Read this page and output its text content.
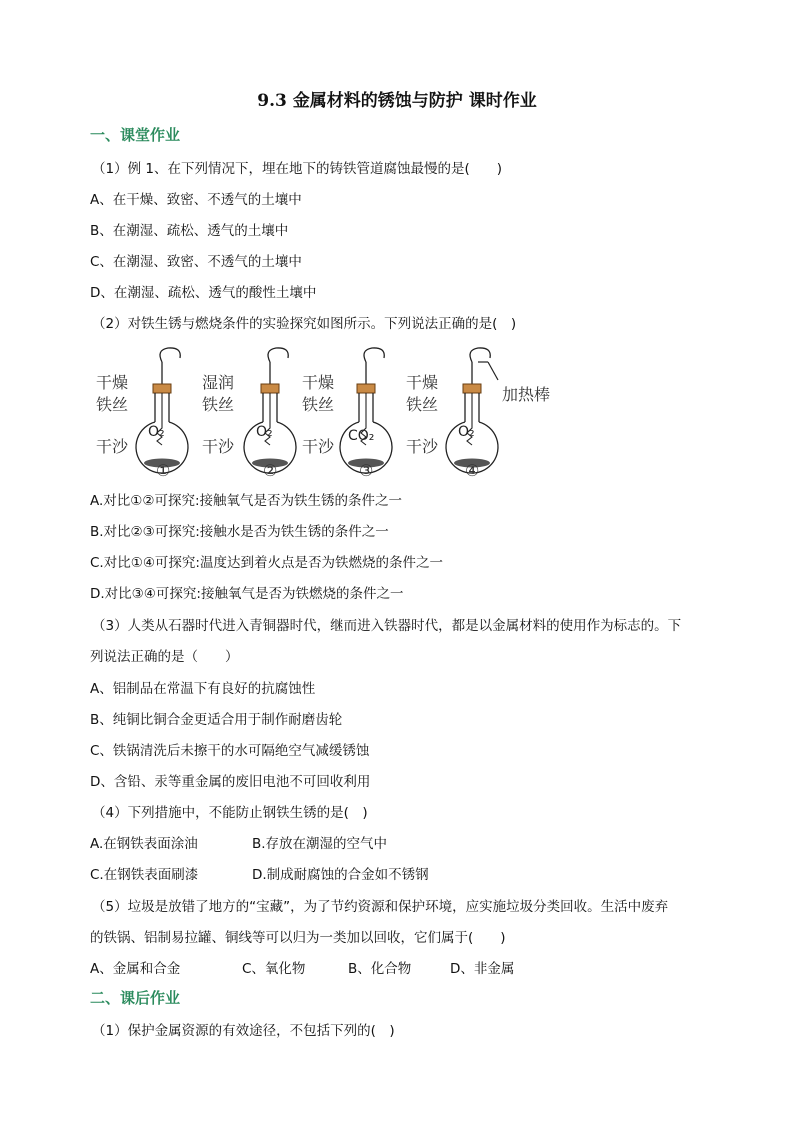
9.3 金属材料的锈蚀与防护 课时作业
一、课堂作业
（1）例 1、在下列情况下，埋在地下的铸铁管道腐蚀最慢的是(　　)
A、在干燥、致密、不透气的土壤中
B、在潮湿、疏松、透气的土壤中
C、在潮湿、致密、不透气的土壤中
D、在潮湿、疏松、透气的酸性土壤中
（2）对铁生锈与燃烧条件的实验探究如图所示。下列说法正确的是(　)
干燥
铁丝
干沙
湿润
铁丝
干沙
干燥
铁丝
干沙
干燥
铁丝
干沙
加热棒
O₂	O₂	CO₂	O₂
①	②	③	④
A.对比①②可探究:接触氧气是否为铁生锈的条件之一
B.对比②③可探究:接触水是否为铁生锈的条件之一
C.对比①④可探究:温度达到着火点是否为铁燃烧的条件之一
D.对比③④可探究:接触氧气是否为铁燃烧的条件之一
（3）人类从石器时代进入青铜器时代，继而进入铁器时代，都是以金属材料的使用作为标志的。下
列说法正确的是（　　）
A、铝制品在常温下有良好的抗腐蚀性
B、纯铜比铜合金更适合用于制作耐磨齿轮
C、铁锅清洗后未擦干的水可隔绝空气减缓锈蚀
D、含铅、汞等重金属的废旧电池不可回收利用
（4）下列措施中，不能防止钢铁生锈的是(　)
A.在钢铁表面涂油	B.存放在潮湿的空气中
C.在钢铁表面刷漆	D.制成耐腐蚀的合金如不锈钢
（5）垃圾是放错了地方的“宝藏”，为了节约资源和保护环境，应实施垃圾分类回收。生活中废弃
的铁锅、铝制易拉罐、铜线等可以归为一类加以回收，它们属于(　　)
A、金属和合金	C、氧化物	B、化合物	D、非金属
二、课后作业
（1）保护金属资源的有效途径，不包括下列的(　)
